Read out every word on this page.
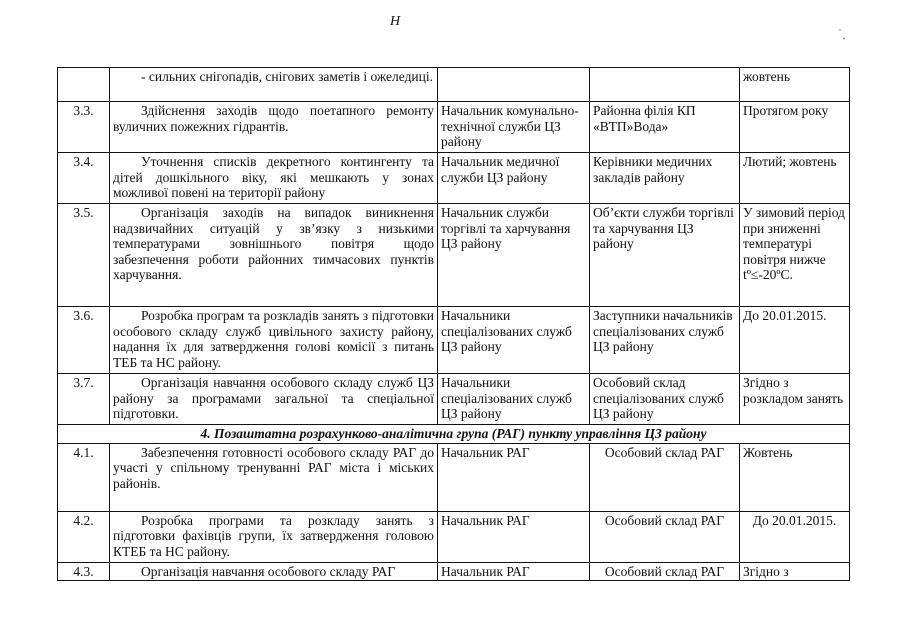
Н
˙ˎ
	- сильних снігопадів, снігових заметів і ожеледиці.			жовтень
3.3.	Здійснення заходів щодо поетапного ремонту вуличних пожежних гідрантів.	Начальник комунально-технічної служби ЦЗ району	Районна філія КП «ВТП»Вода»	Протягом року
3.4.	Уточнення списків декретного контингенту та дітей дошкільного віку, які мешкають у зонах можливої повені на території району	Начальник медичної служби ЦЗ району	Керівники медичних закладів району	Лютий; жовтень
3.5.	Організація заходів на випадок виникнення надзвичайних ситуацій у зв’язку з низькими температурами зовнішнього повітря щодо забезпечення роботи районних тимчасових пунктів харчування.	Начальник служби торгівлі та харчування ЦЗ району	Об’єкти служби торгівлі та харчування ЦЗ району	У зимовий період при зниженні температурі повітря нижче tº≤-20ºC.
3.6.	Розробка програм та розкладів занять з підготовки особового складу служб цивільного захисту району, надання їх для затвердження голові комісії з питань ТЕБ та НС району.	Начальники спеціалізованих служб ЦЗ району	Заступники начальників спеціалізованих служб ЦЗ району	До 20.01.2015.
3.7.	Організація навчання особового складу служб ЦЗ району за програмами загальної та спеціальної підготовки.	Начальники спеціалізованих служб ЦЗ району	Особовий склад спеціалізованих служб ЦЗ району	Згідно з розкладом занять
4. Позаштатна розрахунково-аналітична група (РАГ) пункту управління ЦЗ району				
4.1.	Забезпечення готовності особового складу РАГ до участі у спільному тренуванні РАГ міста і міських районів.	Начальник РАГ	Особовий склад РАГ	Жовтень
4.2.	Розробка програми та розкладу занять з підготовки фахівців групи, їх затвердження головою КТЕБ та НС району.	Начальник РАГ	Особовий склад РАГ	До 20.01.2015.
4.3.	Організація навчання особового складу РАГ	Начальник РАГ	Особовий склад РАГ	Згідно з
